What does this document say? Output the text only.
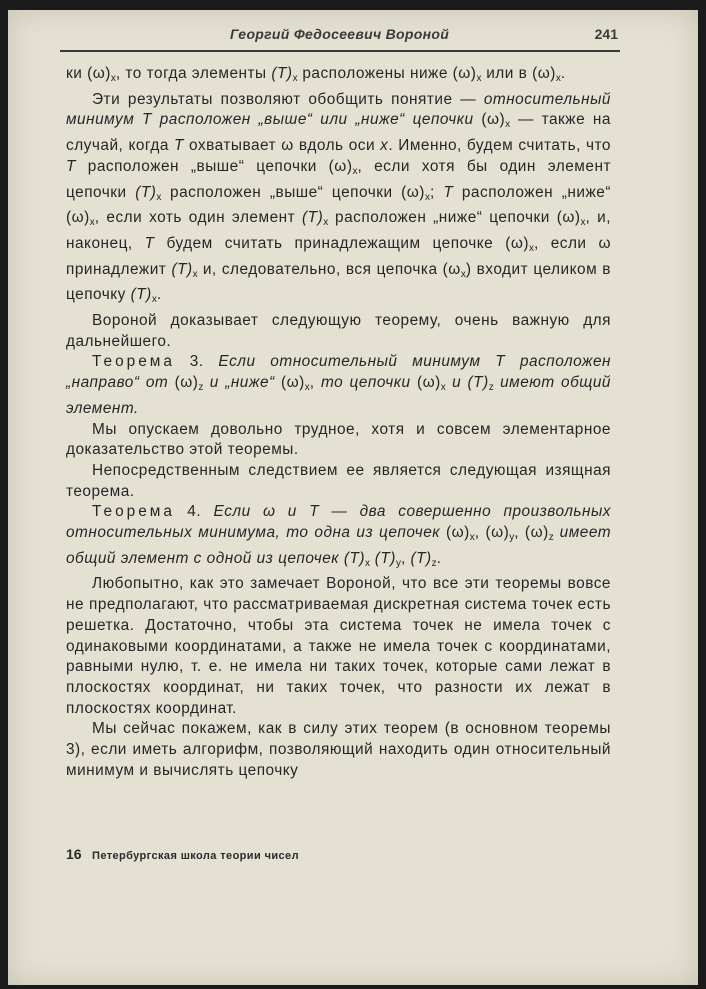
Георгий Федосеевич Вороной	241

ки $(\omega)_x$, то тогда элементы $(T)_x$ расположены ниже $(\omega)_x$ или в $(\omega)_x$.

Эти результаты позволяют обобщить понятие — относительный минимум T расположен „выше“ или „ниже“ цепочки $(\omega)_x$ — также на случай, когда T охватывает ω вдоль оси x. Именно, будем считать, что T расположен „выше“ цепочки $(\omega)_x$, если хотя бы один элемент цепочки $(T)_x$ расположен „выше“ цепочки $(\omega)_x$; T расположен „ниже“ $(\omega)_x$, если хоть один элемент $(T)_x$ расположен „ниже“ цепочки $(\omega)_x$, и, наконец, T будем считать принадлежащим цепочке $(\omega)_x$, если ω принадлежит $(T)_x$ и, следовательно, вся цепочка $(\omega_x)$ входит целиком в цепочку $(T)_x$.

Вороной доказывает следующую теорему, очень важную для дальнейшего.

Теорема 3. Если относительный минимум T расположен „направо“ от $(\omega)_z$ и „ниже“ $(\omega)_x$, то цепочки $(\omega)_x$ и $(T)_z$ имеют общий элемент.

Мы опускаем довольно трудное, хотя и совсем элементарное доказательство этой теоремы.

Непосредственным следствием ее является следующая изящная теорема.

Теорема 4. Если ω и T — два совершенно произвольных относительных минимума, то одна из цепочек $(\omega)_x$, $(\omega)_y$, $(\omega)_z$ имеет общий элемент с одной из цепочек $(T)_x$ $(T)_y$, $(T)_z$.

Любопытно, как это замечает Вороной, что все эти теоремы вовсе не предполагают, что рассматриваемая дискретная система точек есть решетка. Достаточно, чтобы эта система точек не имела точек с одинаковыми координатами, а также не имела точек с координатами, равными нулю, т. е. не имела ни таких точек, которые сами лежат в плоскостях координат, ни таких точек, что разности их лежат в плоскостях координат.

Мы сейчас покажем, как в силу этих теорем (в основном теоремы 3), если иметь алгорифм, позволяющий находить один относительный минимум и вычислять цепочку

16 Петербургская школа теории чисел
